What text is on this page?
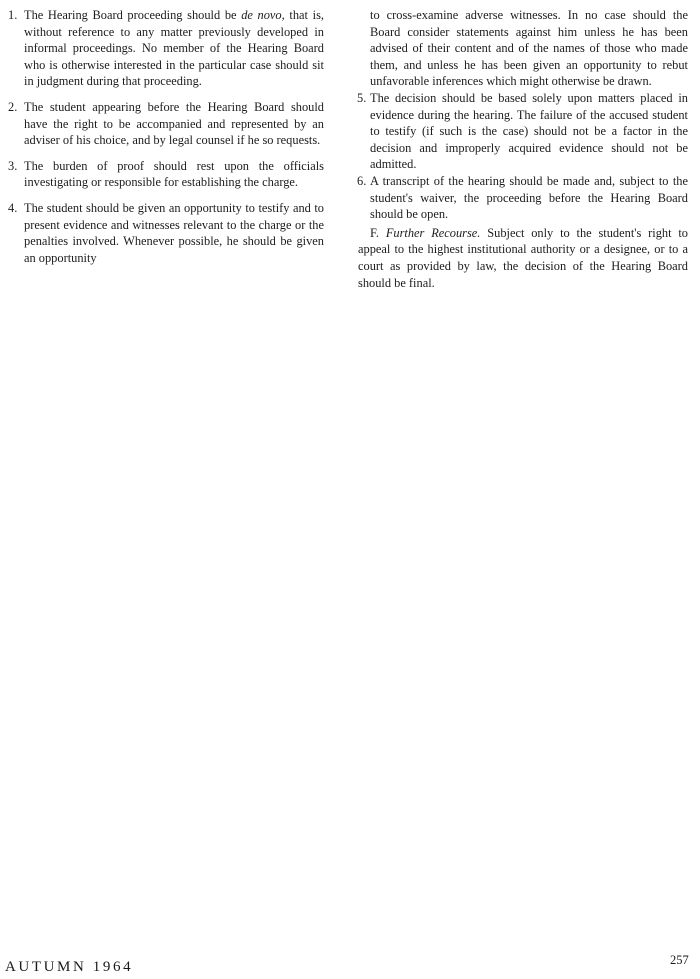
1. The Hearing Board proceeding should be de novo, that is, without reference to any matter previously developed in informal proceedings. No member of the Hearing Board who is otherwise interested in the particular case should sit in judgment during that proceeding.
2. The student appearing before the Hearing Board should have the right to be accompanied and represented by an adviser of his choice, and by legal counsel if he so requests.
3. The burden of proof should rest upon the officials investigating or responsible for establishing the charge.
4. The student should be given an opportunity to testify and to present evidence and witnesses relevant to the charge or the penalties involved. Whenever possible, he should be given an opportunity
to cross-examine adverse witnesses. In no case should the Board consider statements against him unless he has been advised of their content and of the names of those who made them, and unless he has been given an opportunity to rebut unfavorable inferences which might otherwise be drawn.
5. The decision should be based solely upon matters placed in evidence during the hearing. The failure of the accused student to testify (if such is the case) should not be a factor in the decision and improperly acquired evidence should not be admitted.
6. A transcript of the hearing should be made and, subject to the student's waiver, the proceeding before the Hearing Board should be open.

F. Further Recourse. Subject only to the student's right to appeal to the highest institutional authority or a designee, or to a court as provided by law, the decision of the Hearing Board should be final.

AUTUMN 1964	257
